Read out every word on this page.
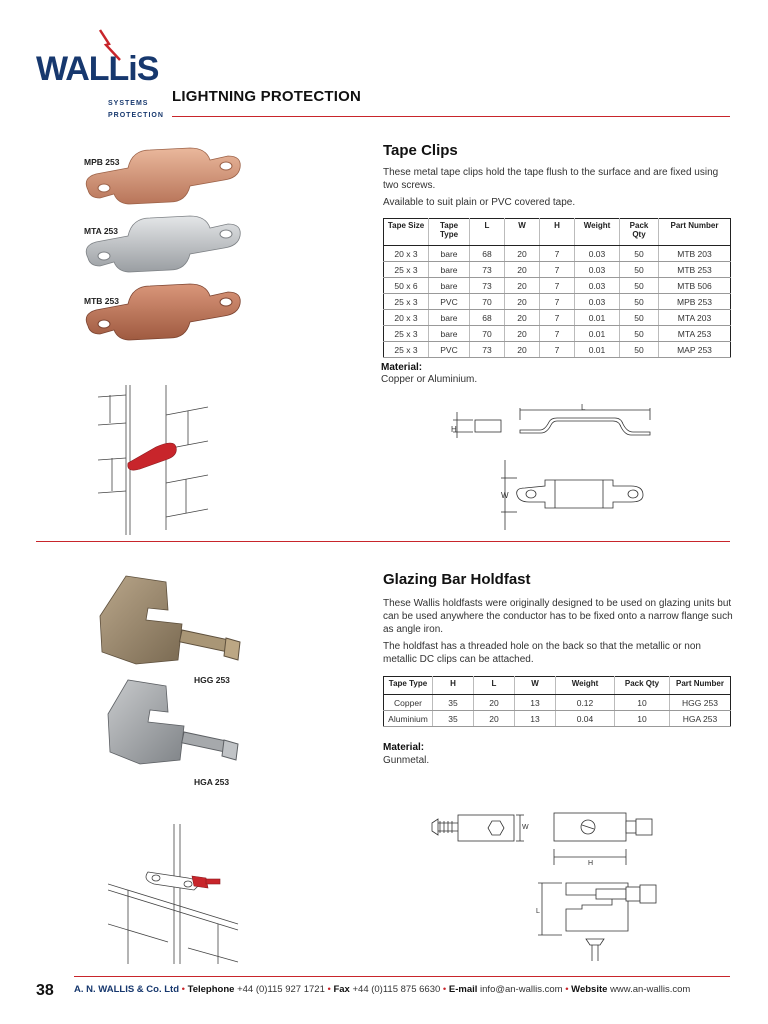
WALLiS
SYSTEMS
PROTECTION
LIGHTNING PROTECTION
MPB 253
MTA 253
MTB 253
Tape Clips
These metal tape clips hold the tape flush to the surface and are fixed using two screws.
Available to suit plain or PVC covered tape.
Tape Size	Tape Type	L	W	H	Weight	Pack Qty	Part Number
20 x 3	bare	68	20	7	0.03	50	MTB 203
25 x 3	bare	73	20	7	0.03	50	MTB 253
50 x 6	bare	73	20	7	0.03	50	MTB 506
25 x 3	PVC	70	20	7	0.03	50	MPB 253
20 x 3	bare	68	20	7	0.01	50	MTA 203
25 x 3	bare	70	20	7	0.01	50	MTA 253
25 x 3	PVC	73	20	7	0.01	50	MAP 253
Material:
Copper or Aluminium.
L
H
W
HGG 253
HGA 253
Glazing Bar Holdfast
These Wallis holdfasts were originally designed to be used on glazing units but can be used anywhere the conductor has to be fixed onto a narrow flange such as angle iron.
The holdfast has a threaded hole on the back so that the metallic or non metallic DC clips can be attached.
Tape Type	H	L	W	Weight	Pack Qty	Part Number
Copper	35	20	13	0.12	10	HGG 253
Aluminium	35	20	13	0.04	10	HGA 253
Material:
Gunmetal.
W
H
L
38 A. N. WALLIS & Co. Ltd • Telephone +44 (0)115 927 1721 • Fax +44 (0)115 875 6630 • E-mail info@an-wallis.com • Website www.an-wallis.com
